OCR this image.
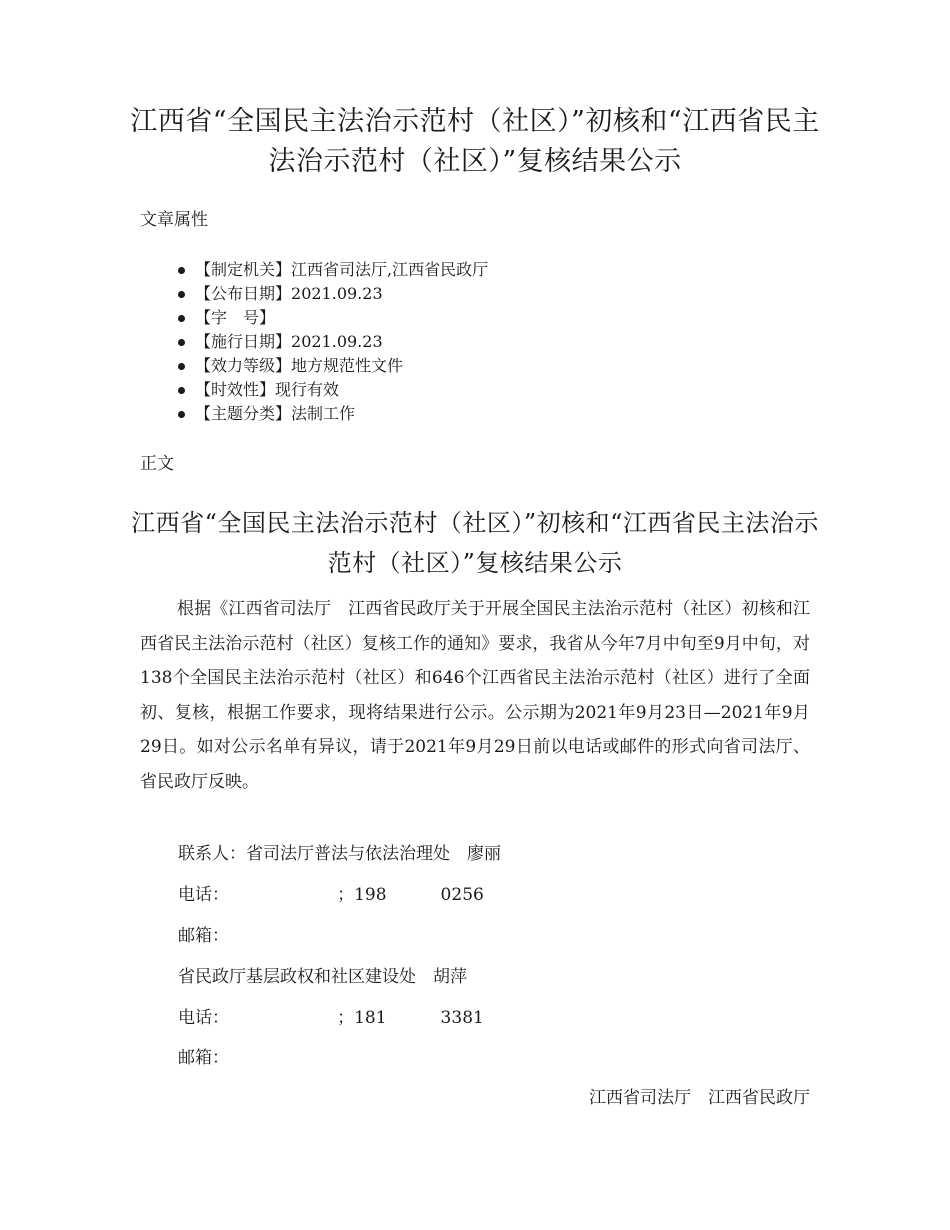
江西省“全国民主法治示范村（社区）”初核和“江西省民主法治示范村（社区）”复核结果公示
文章属性
【制定机关】江西省司法厅,江西省民政厅
【公布日期】2021.09.23
【字　号】
【施行日期】2021.09.23
【效力等级】地方规范性文件
【时效性】现行有效
【主题分类】法制工作
正文
江西省“全国民主法治示范村（社区）”初核和“江西省民主法治示范村（社区）”复核结果公示
根据《江西省司法厅　江西省民政厅关于开展全国民主法治示范村（社区）初核和江西省民主法治示范村（社区）复核工作的通知》要求，我省从今年7月中旬至9月中旬，对138个全国民主法治示范村（社区）和646个江西省民主法治示范村（社区）进行了全面初、复核，根据工作要求，现将结果进行公示。公示期为2021年9月23日—2021年9月29日。如对公示名单有异议，请于2021年9月29日前以电话或邮件的形式向省司法厅、省民政厅反映。
联系人：省司法厅普法与依法治理处　廖丽
电话：                    ；198          0256
邮箱：
省民政厅基层政权和社区建设处　胡萍
电话：                    ；181          3381
邮箱：
江西省司法厅　江西省民政厅
